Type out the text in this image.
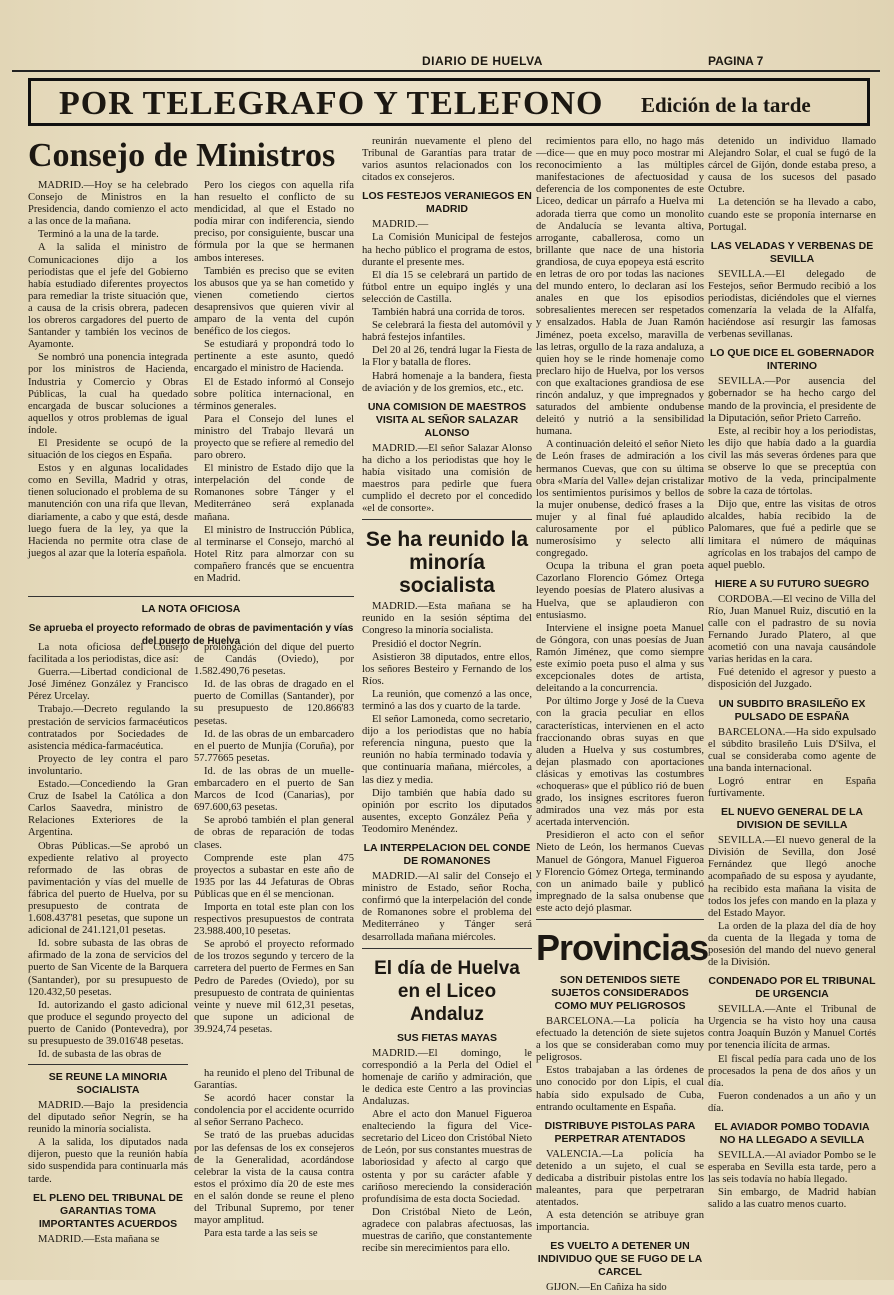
DIARIO DE HUELVA	PAGINA 7
POR TELEGRAFO Y TELEFONO Edición de la tarde
Consejo de Ministros

MADRID.—Hoy se ha celebrado Consejo de Ministros en la Presidencia, dando comienzo el acto a las once de la mañana.

Terminó a la una de la tarde.

A la salida el ministro de Comunicaciones dijo a los periodistas que el jefe del Gobierno había estudiado diferentes proyectos para remediar la triste situación que, a causa de la crisis obrera, padecen los obreros cargadores del puerto de Santander y también los vecinos de Ayamonte.

Se nombró una ponencia integrada por los ministros de Hacienda, Industria y Comercio y Obras Públicas, la cual ha quedado encargada de buscar soluciones a aquellos y otros problemas de igual índole.

El Presidente se ocupó de la situación de los ciegos en España.

Estos y en algunas localidades como en Sevilla, Madrid y otras, tienen solucionado el problema de su manutención con una rifa que llevan, diariamente, a cabo y que está, desde luego fuera de la ley, ya que la Hacienda no permite otra clase de juegos al azar que la lotería española.

Pero los ciegos con aquella rifa han resuelto el conflicto de su mendicidad, al que el Estado no podía mirar con indiferencia, siendo preciso, por consiguiente, buscar una fórmula por la que se hermanen ambos intereses.

También es preciso que se eviten los abusos que ya se han cometido y vienen cometiendo ciertos desaprensivos que quieren vivir al amparo de la venta del cupón benéfico de los ciegos.

Se estudiará y propondrá todo lo pertinente a este asunto, quedó encargado el ministro de Hacienda.

El de Estado informó al Consejo sobre política internacional, en términos generales.

Para el Consejo del lunes el ministro del Trabajo llevará un proyecto que se refiere al remedio del paro obrero.

El ministro de Estado dijo que la interpelación del conde de Romanones sobre Tánger y el Mediterráneo será explanada mañana.

El ministro de Instrucción Pública, al terminarse el Consejo, marchó al Hotel Ritz para almorzar con su compañero francés que se encuentra en Madrid.

LA NOTA OFICIOSA
Se aprueba el proyecto reformado de obras de pavimentación y vías del puerto de Huelva

La nota oficiosa del Consejo facilitada a los periodistas, dice así:

Guerra.—Libertad condicional de José Jiménez González y Francisco Pérez Urcelay.

Trabajo.—Decreto regulando la prestación de servicios farmacéuticos contratados por Sociedades de asistencia médica-farmacéutica.

Proyecto de ley contra el paro involuntario.

Estado.—Concediendo la Gran Cruz de Isabel la Católica a don Carlos Saavedra, ministro de Relaciones Exteriores de la Argentina.

Obras Públicas.—Se aprobó un expediente relativo al proyecto reformado de las obras de pavimentación y vías del muelle de fábrica del puerto de Huelva, por su presupuesto de contrata de 1.608.437'81 pesetas, que supone un adicional de 241.121,01 pesetas.

Id. sobre subasta de las obras de afirmado de la zona de servicios del puerto de San Vicente de la Barquera (Santander), por su presupuesto de 120.432,50 pesetas.

Id. autorizando el gasto adicional que produce el segundo proyecto del puerto de Canido (Pontevedra), por su presupuesto de 39.016'48 pesetas.

Id. de subasta de las obras de

prolongación del dique del puerto de Candás (Oviedo), por 1.582.490,76 pesetas.

Id. de las obras de dragado en el puerto de Comillas (Santander), por su presupuesto de 120.866'83 pesetas.

Id. de las obras de un embarcadero en el puerto de Munjía (Coruña), por 57.77665 pesetas.

Id. de las obras de un muelle-embarcadero en el puerto de San Marcos de Icod (Canarias), por 697.600,63 pesetas.

Se aprobó también el plan general de obras de reparación de todas clases.

Comprende este plan 475 proyectos a subastar en este año de 1935 por las 44 Jefaturas de Obras Públicas que en él se mencionan.

Importa en total este plan con los respectivos presupuestos de contrata 23.988.400,10 pesetas.

Se aprobó el proyecto reformado de los trozos segundo y tercero de la carretera del puerto de Fermes en San Pedro de Paredes (Oviedo), por su presupuesto de contrata de quinientas veinte y nueve mil 612,31 pesetas, que supone un adicional de 39.924,74 pesetas.

SE REUNE LA MINORIA SOCIALISTA

MADRID.—Bajo la presidencia del diputado señor Negrín, se ha reunido la minoría socialista.

A la salida, los diputados nada dijeron, puesto que la reunión había sido suspendida para continuarla más tarde.

EL PLENO DEL TRIBUNAL DE GARANTIAS TOMA IMPORTANTES ACUERDOS

MADRID.—Esta mañana se

ha reunido el pleno del Tribunal de Garantías.

Se acordó hacer constar la condolencia por el accidente ocurrido al señor Serrano Pacheco.

Se trató de las pruebas aducidas por las defensas de los ex consejeros de la Generalidad, acordándose celebrar la vista de la causa contra estos el próximo día 20 de este mes en el salón donde se reune el pleno del Tribunal Supremo, por tener mayor amplitud.

Para esta tarde a las seis se

reunirán nuevamente el pleno del Tribunal de Garantías para tratar de varios asuntos relacionados con los citados ex consejeros.

LOS FESTEJOS VERANIEGOS EN MADRID

MADRID.—

La Comisión Municipal de festejos ha hecho público el programa de estos, durante el presente mes.

El día 15 se celebrará un partido de fútbol entre un equipo inglés y una selección de Castilla.

También habrá una corrida de toros.

Se celebrará la fiesta del automóvil y habrá festejos infantiles.

Del 20 al 26, tendrá lugar la Fiesta de la Flor y batalla de flores.

Habrá homenaje a la bandera, fiesta de aviación y de los gremios, etc., etc.

UNA COMISION DE MAESTROS VISITA AL SEÑOR SALAZAR ALONSO

MADRID.—El señor Salazar Alonso ha dicho a los periodistas que hoy le había visitado una comisión de maestros para pedirle que fuera cumplido el decreto por el concedido «el de consorte».

Se ha reunido la minoría socialista

MADRID.—Esta mañana se ha reunido en la sesión séptima del Congreso la minoría socialista.

Presidió el doctor Negrín.

Asistieron 38 diputados, entre ellos, los señores Besteiro y Fernando de los Ríos.

La reunión, que comenzó a las once, terminó a las dos y cuarto de la tarde.

El señor Lamoneda, como secretario, dijo a los periodistas que no había referencia ninguna, puesto que la reunión no había terminado todavía y que continuaría mañana, miércoles, a las diez y media.

Dijo también que había dado su opinión por escrito los diputados ausentes, excepto González Peña y Teodomiro Menéndez.

LA INTERPELACION DEL CONDE DE ROMANONES

MADRID.—Al salir del Consejo el ministro de Estado, señor Rocha, confirmó que la interpelación del conde de Romanones sobre el problema del Mediterráneo y Tánger será desarrollada mañana miércoles.

El día de Huelva en el Liceo Andaluz
SUS FIETAS MAYAS

MADRID.—El domingo, le correspondió a la Perla del Odiel el homenaje de cariño y admiración, que le dedica este Centro a las provincias Andaluzas.

Abre el acto don Manuel Figueroa enalteciendo la figura del Vice-secretario del Liceo don Cristóbal Nieto de León, por sus constantes muestras de laboriosidad y afecto al cargo que ostenta y por su carácter afable y cariñoso mereciendo la consideración profundísima de esta docta Sociedad.

Don Cristóbal Nieto de León, agradece con palabras afectuosas, las muestras de cariño, que constantemente recibe sin merecimientos para ello.

recimientos para ello, no hago más —dice— que en muy poco mostrar mi reconocimiento a las múltiples manifestaciones de afectuosidad y deferencia de los componentes de este Liceo, dedicar un párrafo a Huelva mi adorada tierra que como un monolito de Andalucía se levanta altiva, arrogante, caballerosa, como un brillante que nace de una historia grandiosa, de cuya epopeya está escrito en letras de oro por todas las naciones del mundo entero, lo declaran así los anales en que los episodios sobresalientes merecen ser respetados y ensalzados. Habla de Juan Ramón Jiménez, poeta excelso, maravilla de las letras, orgullo de la raza andaluza, a quien hoy se le rinde homenaje como preclaro hijo de Huelva, por los versos con que exaltaciones grandiosa de ese rincón andaluz, y que impregnados y saturados del ambiente ondubense deleitó y nutrió a la sensibilidad humana.

A continuación deleitó el señor Nieto de León frases de admiración a los hermanos Cuevas, que con su última obra «María del Valle» dejan cristalizar los sentimientos purísimos y bellos de la mujer onubense, dedicó frases a la mujer y al final fué aplaudido calurosamente por el público numerosísimo y selecto allí congregado.

Ocupa la tribuna el gran poeta Cazorlano Florencio Gómez Ortega leyendo poesías de Platero alusivas a Huelva, que se aplaudieron con entusiasmo.

Interviene el insigne poeta Manuel de Góngora, con unas poesías de Juan Ramón Jiménez, que como siempre este exímio poeta puso el alma y sus excepcionales dotes de artista, deleitando a la concurrencia.

Por último Jorge y José de la Cueva con la gracia peculiar en ellos características, intervienen en el acto fraccionando obras suyas en que aluden a Huelva y sus costumbres, dejan plasmado con aportaciones clásicas y emotivas las costumbres «choqueras» que el público rió de buen grado, los insignes escritores fueron admirados una vez más por esta acertada intervención.

Presidieron el acto con el señor Nieto de León, los hermanos Cuevas Manuel de Góngora, Manuel Figueroa y Florencio Gómez Ortega, terminando con un animado baile y publicó impregnado de la salsa onubense que este acto dejó plasmar.

Provincias
SON DETENIDOS SIETE SUJETOS CONSIDERADOS COMO MUY PELIGROSOS

BARCELONA.—La policía ha efectuado la detención de siete sujetos a los que se consideraban como muy peligrosos.

Estos trabajaban a las órdenes de uno conocido por don Lipis, el cual había sido expulsado de Cuba, entrando ocultamente en España.

DISTRIBUYE PISTOLAS PARA PERPETRAR ATENTADOS

VALENCIA.—La policía ha detenido a un sujeto, el cual se dedicaba a distribuir pistolas entre los maleantes, para que perpetraran atentados.

A esta detención se atribuye gran importancia.

ES VUELTO A DETENER UN INDIVIDUO QUE SE FUGO DE LA CARCEL

GIJON.—En Cañiza ha sido

detenido un individuo llamado Alejandro Solar, el cual se fugó de la cárcel de Gijón, donde estaba preso, a causa de los sucesos del pasado Octubre.

La detención se ha llevado a cabo, cuando este se proponía internarse en Portugal.

LAS VELADAS Y VERBENAS DE SEVILLA

SEVILLA.—El delegado de Festejos, señor Bermudo recibió a los periodistas, diciéndoles que el viernes comenzaría la velada de la Alfalfa, haciéndose así resurgir las famosas verbenas sevillanas.

LO QUE DICE EL GOBERNADOR INTERINO

SEVILLA.—Por ausencia del gobernador se ha hecho cargo del mando de la provincia, el presidente de la Diputación, señor Prieto Carreño.

Este, al recibir hoy a los periodistas, les dijo que había dado a la guardia civil las más severas órdenes para que se observe lo que se preceptúa con motivo de la veda, principalmente sobre la caza de tórtolas.

Dijo que, entre las visitas de otros alcaldes, había recibido la de Palomares, que fué a pedirle que se limitara el número de máquinas agrícolas en los trabajos del campo de aquel pueblo.

HIERE A SU FUTURO SUEGRO

CORDOBA.—El vecino de Villa del Río, Juan Manuel Ruiz, discutió en la calle con el padrastro de su novia Fernando Jurado Platero, al que acometió con una navaja causándole varias heridas en la cara.

Fué detenido el agresor y puesto a disposición del Juzgado.

UN SUBDITO BRASILEÑO EX PULSADO DE ESPAÑA

BARCELONA.—Ha sido expulsado el súbdito brasileño Luis D'Silva, el cual se consideraba como agente de una banda internacional.

Logró entrar en España furtivamente.

EL NUEVO GENERAL DE LA DIVISION DE SEVILLA

SEVILLA.—El nuevo general de la División de Sevilla, don José Fernández que llegó anoche acompañado de su esposa y ayudante, ha recibido esta mañana la visita de todos los jefes con mando en la plaza y del Estado Mayor.

La orden de la plaza del día de hoy da cuenta de la llegada y toma de posesión del mando del nuevo general de la División.

CONDENADO POR EL TRIBUNAL DE URGENCIA

SEVILLA.—Ante el Tribunal de Urgencia se ha visto hoy una causa contra Joaquín Buzón y Manuel Cortés por tenencia ilícita de armas.

El fiscal pedía para cada uno de los procesados la pena de dos años y un día.

Fueron condenados a un año y un día.

EL AVIADOR POMBO TODAVIA NO HA LLEGADO A SEVILLA

SEVILLA.—Al aviador Pombo se le esperaba en Sevilla esta tarde, pero a las seis todavía no había llegado.

Sin embargo, de Madrid habían salido a las cuatro menos cuarto.
